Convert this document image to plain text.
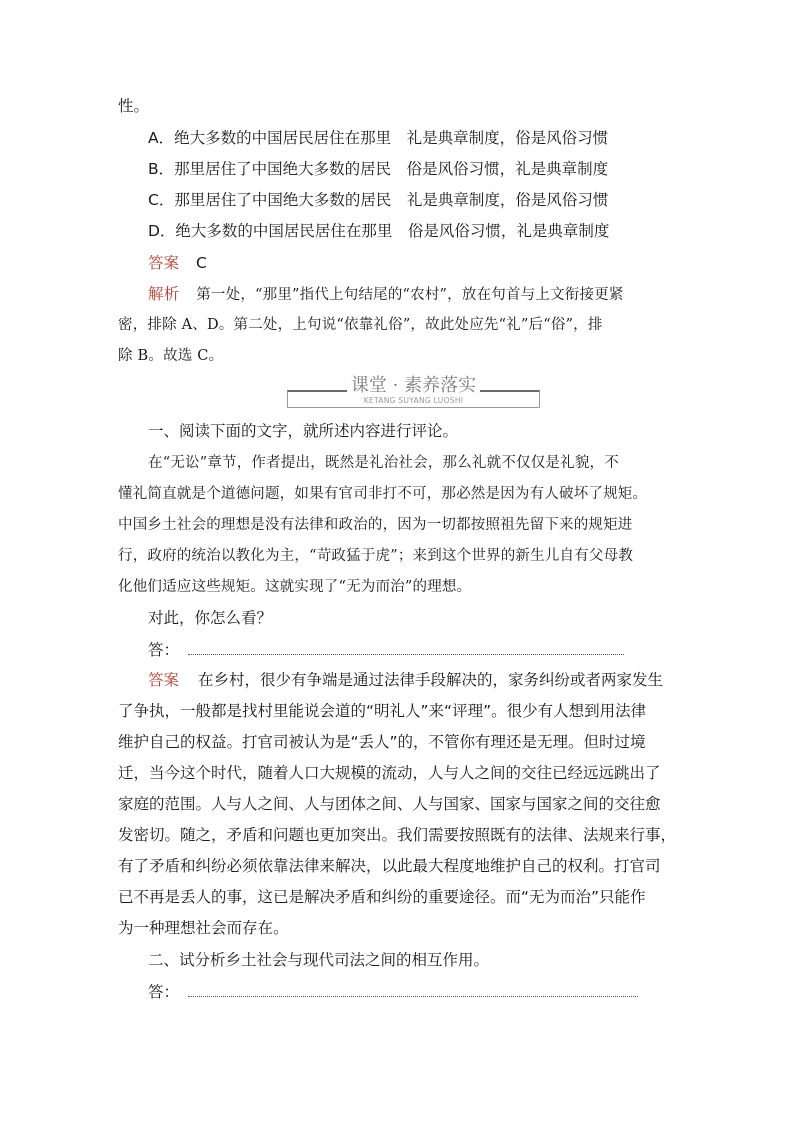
性。
A．绝大多数的中国居民居住在那里　礼是典章制度，俗是风俗习惯
B．那里居住了中国绝大多数的居民　俗是风俗习惯，礼是典章制度
C．那里居住了中国绝大多数的居民　礼是典章制度，俗是风俗习惯
D．绝大多数的中国居民居住在那里　俗是风俗习惯，礼是典章制度
答案 C
解析 第一处，“那里”指代上句结尾的“农村”，放在句首与上文衔接更紧
密，排除 A、D。第二处，上句说“依靠礼俗”，故此处应先“礼”后“俗”，排
除 B。故选 C。
课堂 · 素养落实
KETANG SUYANG LUOSHI
一、阅读下面的文字，就所述内容进行评论。
在“无讼”章节，作者提出，既然是礼治社会，那么礼就不仅仅是礼貌，不
懂礼简直就是个道德问题，如果有官司非打不可，那必然是因为有人破坏了规矩。
中国乡土社会的理想是没有法律和政治的，因为一切都按照祖先留下来的规矩进
行，政府的统治以教化为主，“苛政猛于虎”；来到这个世界的新生儿自有父母教
化他们适应这些规矩。这就实现了“无为而治”的理想。
对此，你怎么看？
答：
答案 在乡村，很少有争端是通过法律手段解决的，家务纠纷或者两家发生
了争执，一般都是找村里能说会道的“明礼人”来“评理”。很少有人想到用法律
维护自己的权益。打官司被认为是“丢人”的，不管你有理还是无理。但时过境
迁，当今这个时代，随着人口大规模的流动，人与人之间的交往已经远远跳出了
家庭的范围。人与人之间、人与团体之间、人与国家、国家与国家之间的交往愈
发密切。随之，矛盾和问题也更加突出。我们需要按照既有的法律、法规来行事，
有了矛盾和纠纷必须依靠法律来解决，以此最大程度地维护自己的权利。打官司
已不再是丢人的事，这已是解决矛盾和纠纷的重要途径。而“无为而治”只能作
为一种理想社会而存在。
二、试分析乡土社会与现代司法之间的相互作用。
答：
